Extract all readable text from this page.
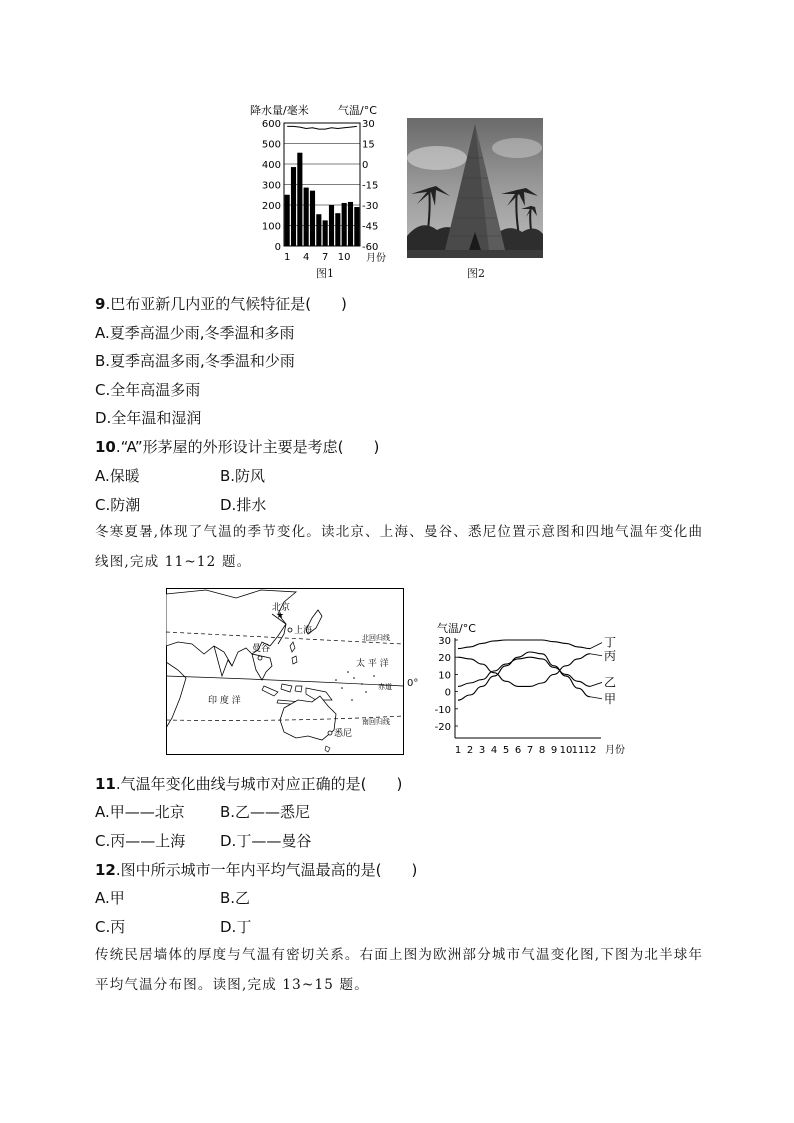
降水量/毫米	气温/°C
600
500
400
300
200
100
0
30
15
0
-15
-30
-45
-60
1 4 7 10 月份
图1	图2
9.巴布亚新几内亚的气候特征是(　　)
A.夏季高温少雨,冬季温和多雨
B.夏季高温多雨,冬季温和少雨
C.全年高温多雨
D.全年温和湿润
10.“A”形茅屋的外形设计主要是考虑(　　)
A.保暖	B.防风
C.防潮	D.排水
冬寒夏暑,体现了气温的季节变化。读北京、上海、曼谷、悉尼位置示意图和四地气温年变化曲线图,完成 11~12 题。
★
北京
上海
曼谷
悉尼
北回归线
太 平 洋
赤道
印 度 洋
南回归线
0°
气温/°C
30
20
10
0
-10
-20
丁
丙
乙
甲
1 2 3 4 5 6 7 8 9 10 11 12 月份
11.气温年变化曲线与城市对应正确的是(　　)
A.甲——北京 B.乙——悉尼
C.丙——上海 D.丁——曼谷
12.图中所示城市一年内平均气温最高的是(　　)
A.甲	B.乙
C.丙	D.丁
传统民居墙体的厚度与气温有密切关系。右面上图为欧洲部分城市气温变化图,下图为北半球年平均气温分布图。读图,完成 13~15 题。
